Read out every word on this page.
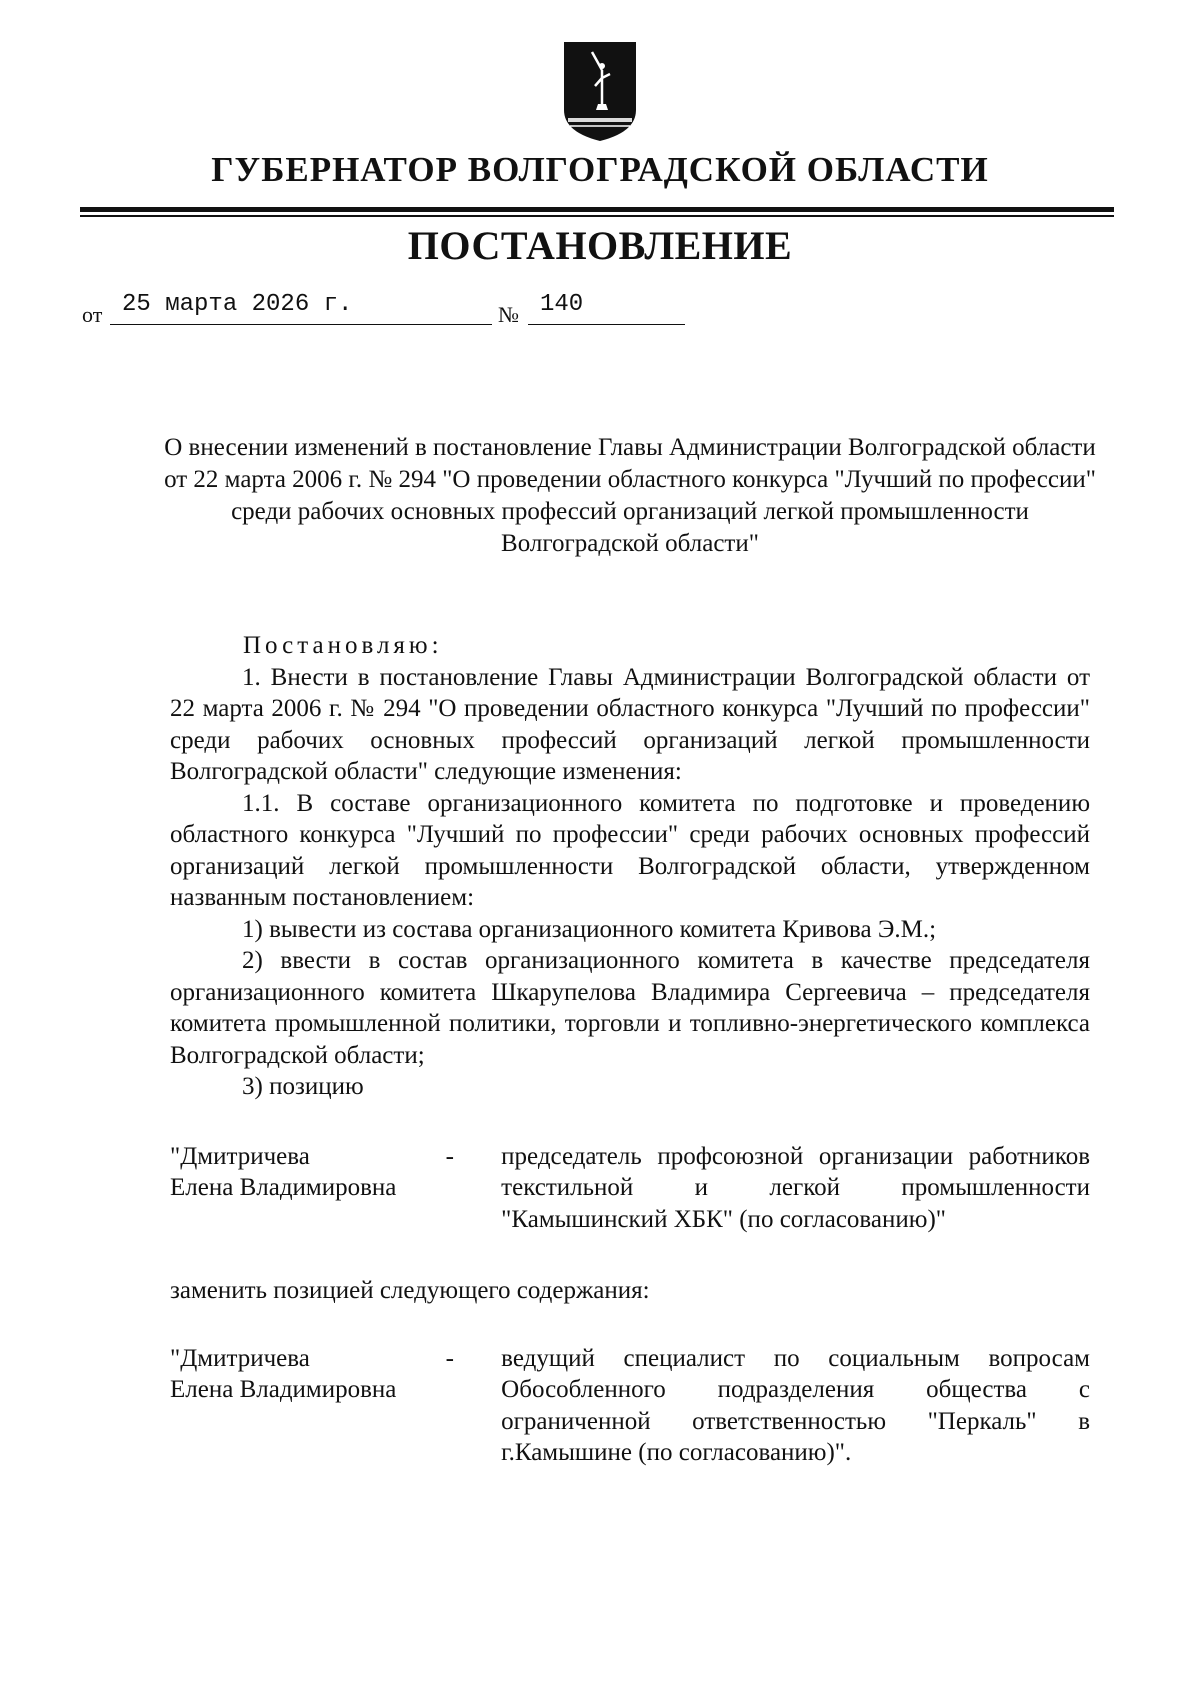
ГУБЕРНАТОР ВОЛГОГРАДСКОЙ ОБЛАСТИ
ПОСТАНОВЛЕНИЕ
от 25 марта 2026 г.	№ 140
О внесении изменений в постановление Главы Администрации Волгоградской области от 22 марта 2006 г. № 294 "О проведении областного конкурса "Лучший по профессии" среди рабочих основных профессий организаций легкой промышленности Волгоградской области"

Постановляю:

1. Внести в постановление Главы Администрации Волгоградской области от 22 марта 2006 г. № 294 "О проведении областного конкурса "Лучший по профессии" среди рабочих основных профессий организаций легкой промышленности Волгоградской области" следующие изменения:

1.1. В составе организационного комитета по подготовке и проведению областного конкурса "Лучший по профессии" среди рабочих основных профессий организаций легкой промышленности Волгоградской области, утвержденном названным постановлением:

1) вывести из состава организационного комитета Кривова Э.М.;

2) ввести в состав организационного комитета в качестве председателя организационного комитета Шкарупелова Владимира Сергеевича – председателя комитета промышленной политики, торговли и топливно-энергетического комплекса Волгоградской области;

3) позицию

"Дмитричева
Елена Владимировна
-	председатель профсоюзной организации работников текстильной и легкой промышленности "Камышинский ХБК" (по согласованию)"

заменить позицией следующего содержания:

"Дмитричева
Елена Владимировна
-	ведущий специалист по социальным вопросам Обособленного подразделения общества с ограниченной ответственностью "Перкаль" в г.Камышине (по согласованию)".
